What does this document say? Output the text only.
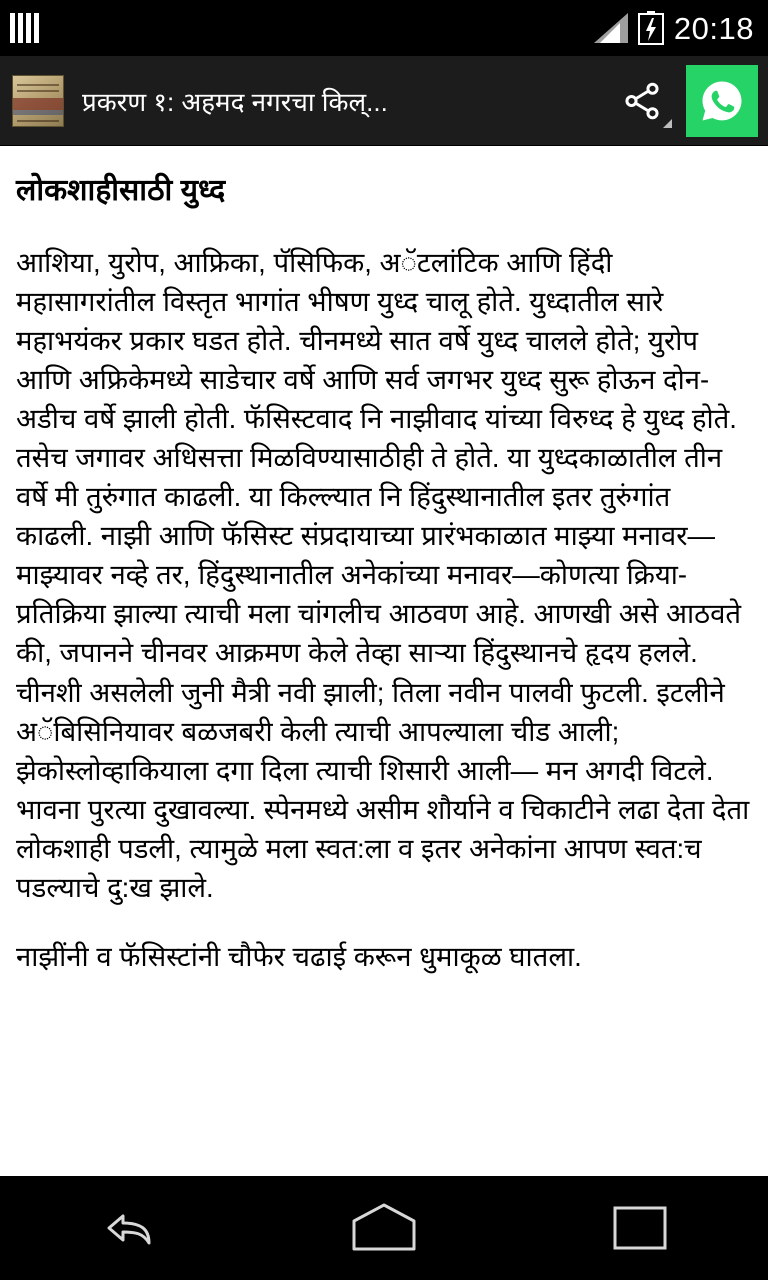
20:18
प्रकरण १: अहमद नगरचा किल्...
लोकशाहीसाठी युध्द
आशिया, युरोप, आफ्रिका, पॅसिफिक, अॅटलांटिक आणि हिंदी महासागरांतील विस्तृत भागांत भीषण युध्द चालू होते. युध्दातील सारे महाभयंकर प्रकार घडत होते. चीनमध्ये सात वर्षे युध्द चालले होते; युरोप आणि अफ्रिकेमध्ये साडेचार वर्षे आणि सर्व जगभर युध्द सुरू होऊन दोन-अडीच वर्षे झाली होती. फॅसिस्टवाद नि नाझीवाद यांच्या विरुध्द हे युध्द होते. तसेच जगावर अधिसत्ता मिळविण्यासाठीही ते होते. या युध्दकाळातील तीन वर्षे मी तुरुंगात काढली. या किल्ल्यात नि हिंदुस्थानातील इतर तुरुंगांत काढली. नाझी आणि फॅसिस्ट संप्रदायाच्या प्रारंभकाळात माझ्या मनावर—माझ्यावर नव्हे तर, हिंदुस्थानातील अनेकांच्या मनावर—कोणत्या क्रिया-प्रतिक्रिया झाल्या त्याची मला चांगलीच आठवण आहे. आणखी असे आठवते की, जपानने चीनवर आक्रमण केले तेव्हा साऱ्या हिंदुस्थानचे हृदय हलले. चीनशी असलेली जुनी मैत्री नवी झाली; तिला नवीन पालवी फुटली. इटलीने अॅबिसिनियावर बळजबरी केली त्याची आपल्याला चीड आली; झेकोस्लोव्हाकियाला दगा दिला त्याची शिसारी आली— मन अगदी विटले. भावना पुरत्या दुखावल्या. स्पेनमध्ये असीम शौर्याने व चिकाटीने लढा देता देता लोकशाही पडली, त्यामुळे मला स्वत:ला व इतर अनेकांना आपण स्वत:च पडल्याचे दु:ख झाले.
नाझींनी व फॅसिस्टांनी चौफेर चढाई करून धुमाकूळ घातला.
